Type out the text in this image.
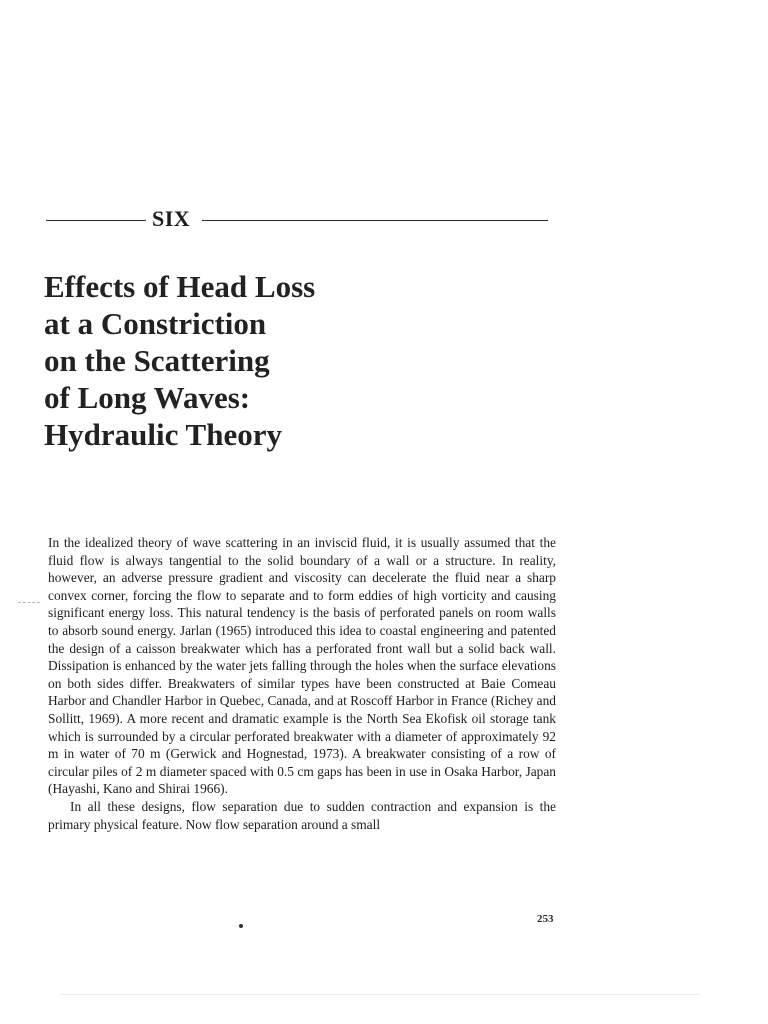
SIX
Effects of Head Loss
at a Constriction
on the Scattering
of Long Waves:
Hydraulic Theory

In the idealized theory of wave scattering in an inviscid fluid, it is usually assumed that the fluid flow is always tangential to the solid boundary of a wall or a structure. In reality, however, an adverse pressure gradient and viscosity can decelerate the fluid near a sharp convex corner, forcing the flow to separate and to form eddies of high vorticity and causing significant energy loss. This natural tendency is the basis of perforated panels on room walls to absorb sound energy. Jarlan (1965) introduced this idea to coastal engineering and patented the design of a caisson breakwater which has a perforated front wall but a solid back wall. Dissipation is enhanced by the water jets falling through the holes when the surface elevations on both sides differ. Breakwaters of similar types have been constructed at Baie Comeau Harbor and Chandler Harbor in Quebec, Canada, and at Roscoff Harbor in France (Richey and Sollitt, 1969). A more recent and dramatic example is the North Sea Ekofisk oil storage tank which is surrounded by a circular perforated breakwater with a diameter of approximately 92 m in water of 70 m (Gerwick and Hognestad, 1973). A breakwater consisting of a row of circular piles of 2 m diameter spaced with 0.5 cm gaps has been in use in Osaka Harbor, Japan (Hayashi, Kano and Shirai 1966).

In all these designs, flow separation due to sudden contraction and expansion is the primary physical feature. Now flow separation around a small

253
